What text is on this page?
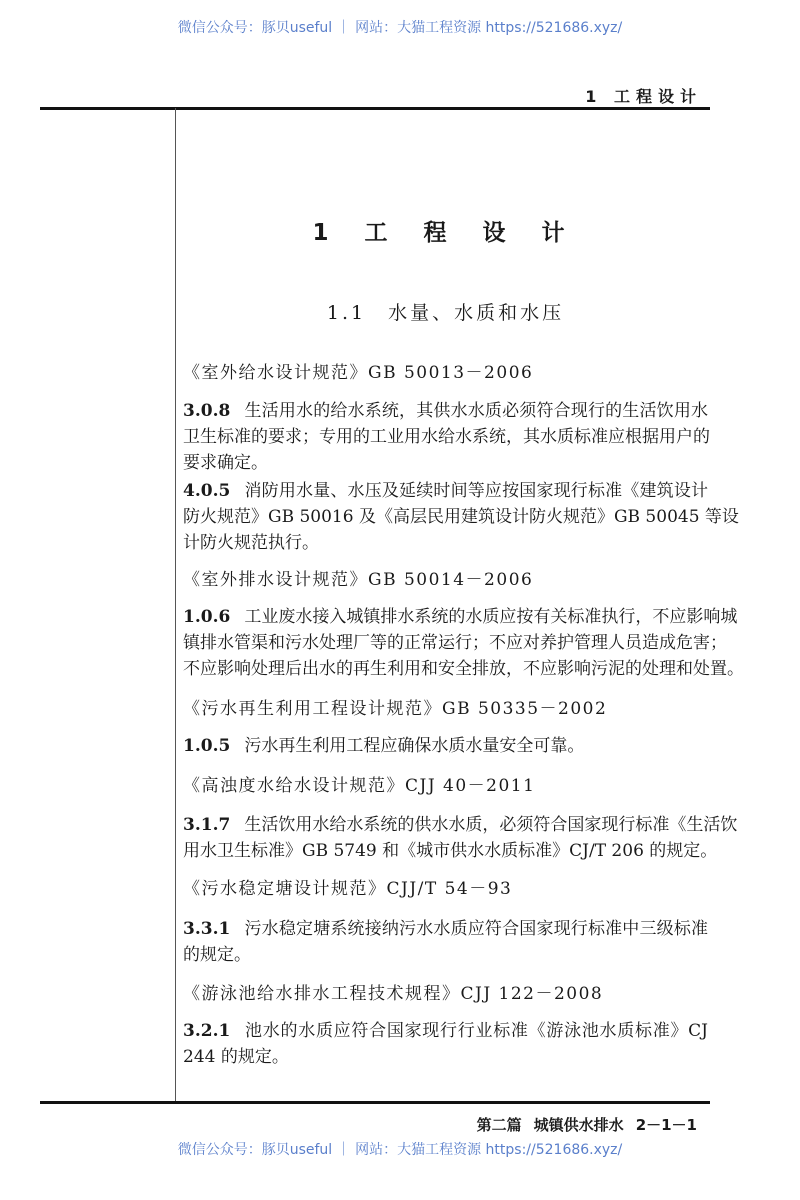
微信公众号：豚贝useful ｜ 网站：大猫工程资源 https://521686.xyz/
1 工程设计
1 工 程 设 计
1.1　水量、水质和水压
《室外给水设计规范》GB 50013－2006
3.0.8 生活用水的给水系统，其供水水质必须符合现行的生活饮用水
卫生标准的要求；专用的工业用水给水系统，其水质标准应根据用户的
要求确定。
4.0.5 消防用水量、水压及延续时间等应按国家现行标准《建筑设计
防火规范》GB 50016 及《高层民用建筑设计防火规范》GB 50045 等设
计防火规范执行。
《室外排水设计规范》GB 50014－2006
1.0.6 工业废水接入城镇排水系统的水质应按有关标准执行，不应影响城
镇排水管渠和污水处理厂等的正常运行；不应对养护管理人员造成危害；
不应影响处理后出水的再生利用和安全排放，不应影响污泥的处理和处置。
《污水再生利用工程设计规范》GB 50335－2002
1.0.5 污水再生利用工程应确保水质水量安全可靠。
《高浊度水给水设计规范》CJJ 40－2011
3.1.7 生活饮用水给水系统的供水水质，必须符合国家现行标准《生活饮
用水卫生标准》GB 5749 和《城市供水水质标准》CJ/T 206 的规定。
《污水稳定塘设计规范》CJJ/T 54－93
3.3.1 污水稳定塘系统接纳污水水质应符合国家现行标准中三级标准
的规定。
《游泳池给水排水工程技术规程》CJJ 122－2008
3.2.1 池水的水质应符合国家现行行业标准《游泳池水质标准》CJ
244 的规定。
第二篇 城镇供水排水 2－1－1
微信公众号：豚贝useful ｜ 网站：大猫工程资源 https://521686.xyz/
